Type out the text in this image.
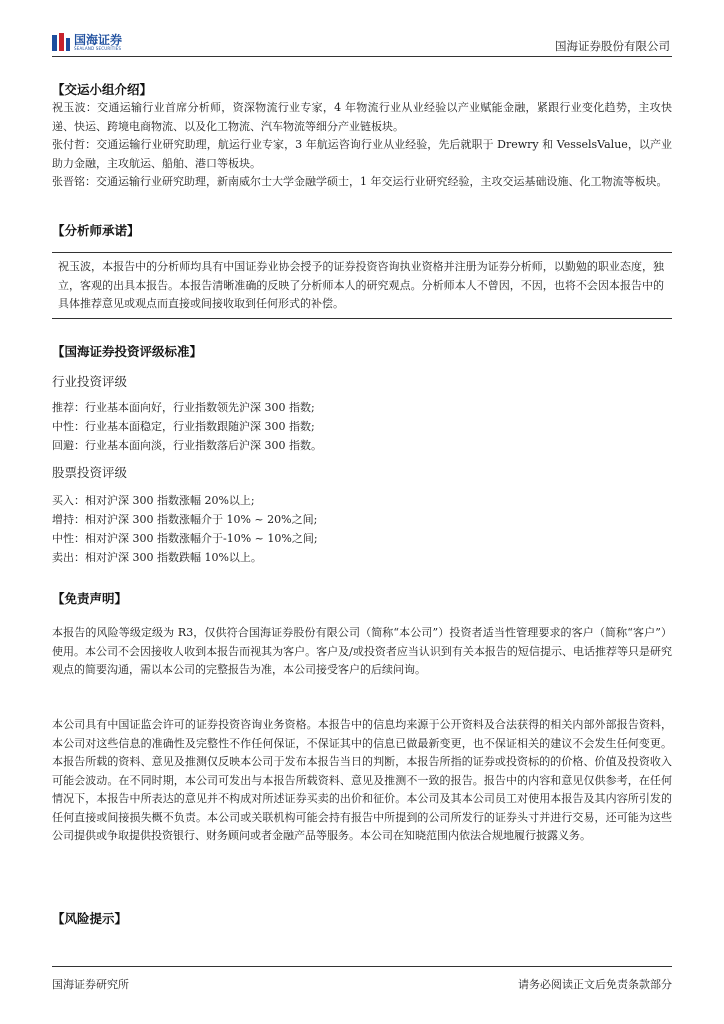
国海证券
SEALAND SECURITIES	国海证券股份有限公司
【交运小组介绍】

祝玉波：交通运输行业首席分析师，资深物流行业专家，4 年物流行业从业经验以产业赋能金融，紧跟行业变化趋势，主攻快递、快运、跨境电商物流、以及化工物流、汽车物流等细分产业链板块。

张付哲：交通运输行业研究助理，航运行业专家，3 年航运咨询行业从业经验，先后就职于 Drewry 和 VesselsValue，以产业助力金融，主攻航运、船舶、港口等板块。

张晋铭：交通运输行业研究助理，新南威尔士大学金融学硕士，1 年交运行业研究经验，主攻交运基础设施、化工物流等板块。

【分析师承诺】
祝玉波，本报告中的分析师均具有中国证券业协会授予的证券投资咨询执业资格并注册为证券分析师，以勤勉的职业态度，独立，客观的出具本报告。本报告清晰准确的反映了分析师本人的研究观点。分析师本人不曾因，不因，也将不会因本报告中的具体推荐意见或观点而直接或间接收取到任何形式的补偿。
【国海证券投资评级标准】
行业投资评级
推荐：行业基本面向好，行业指数领先沪深 300 指数;
中性：行业基本面稳定，行业指数跟随沪深 300 指数;
回避：行业基本面向淡，行业指数落后沪深 300 指数。
股票投资评级
买入：相对沪深 300 指数涨幅 20%以上;
增持：相对沪深 300 指数涨幅介于 10% ~ 20%之间;
中性：相对沪深 300 指数涨幅介于-10% ~ 10%之间;
卖出：相对沪深 300 指数跌幅 10%以上。
【免责声明】
本报告的风险等级定级为 R3，仅供符合国海证券股份有限公司（简称“本公司”）投资者适当性管理要求的客户（简称“客户”）使用。本公司不会因接收人收到本报告而视其为客户。客户及/或投资者应当认识到有关本报告的短信提示、电话推荐等只是研究观点的简要沟通，需以本公司的完整报告为准，本公司接受客户的后续问询。
本公司具有中国证监会许可的证券投资咨询业务资格。本报告中的信息均来源于公开资料及合法获得的相关内部外部报告资料，本公司对这些信息的准确性及完整性不作任何保证，不保证其中的信息已做最新变更，也不保证相关的建议不会发生任何变更。本报告所载的资料、意见及推测仅反映本公司于发布本报告当日的判断，本报告所指的证券或投资标的的价格、价值及投资收入可能会波动。在不同时期，本公司可发出与本报告所载资料、意见及推测不一致的报告。报告中的内容和意见仅供参考，在任何情况下，本报告中所表达的意见并不构成对所述证券买卖的出价和征价。本公司及其本公司员工对使用本报告及其内容所引发的任何直接或间接损失概不负责。本公司或关联机构可能会持有报告中所提到的公司所发行的证券头寸并进行交易，还可能为这些公司提供或争取提供投资银行、财务顾问或者金融产品等服务。本公司在知晓范围内依法合规地履行披露义务。
【风险提示】
国海证券研究所	请务必阅读正文后免责条款部分
